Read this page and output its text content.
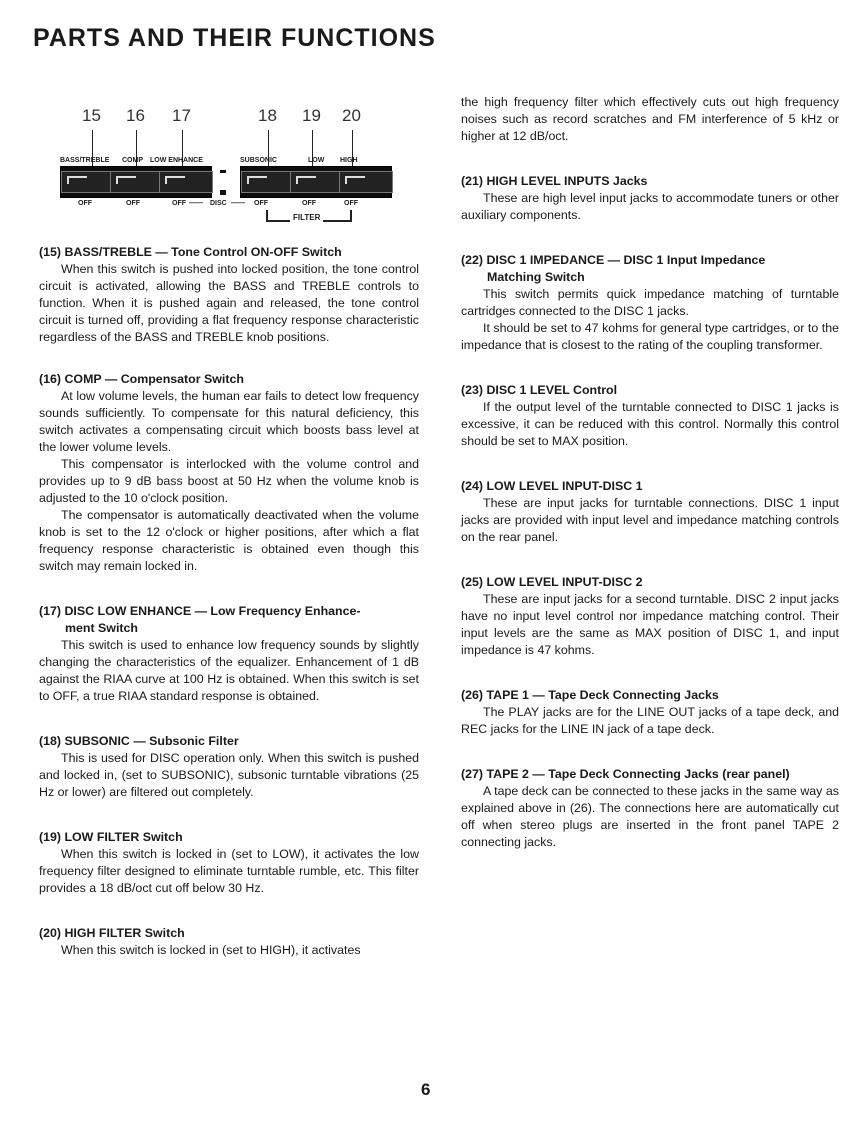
PARTS AND THEIR FUNCTIONS
15 16 17	18 19 20
BASS/TREBLE COMP LOW ENHANCE	SUBSONIC	LOW HIGH
OFF	OFF	OFF —— DISC —— OFF	OFF	OFF
FILTER
(15) BASS/TREBLE — Tone Control ON-OFF Switch

When this switch is pushed into locked position, the tone control circuit is activated, allowing the BASS and TREBLE controls to function. When it is pushed again and released, the tone control circuit is turned off, providing a flat frequency response characteristic regardless of the BASS and TREBLE knob positions.

(16) COMP — Compensator Switch

At low volume levels, the human ear fails to detect low frequency sounds sufficiently. To compensate for this natural deficiency, this switch activates a compensating circuit which boosts bass level at the lower volume levels.

This compensator is interlocked with the volume control and provides up to 9 dB bass boost at 50 Hz when the volume knob is adjusted to the 10 o'clock position.

The compensator is automatically deactivated when the volume knob is set to the 12 o'clock or higher positions, after which a flat frequency response characteristic is obtained even though this switch may remain locked in.

(17) DISC LOW ENHANCE — Low Frequency Enhance-
ment Switch

This switch is used to enhance low frequency sounds by slightly changing the characteristics of the equalizer. Enhancement of 1 dB against the RIAA curve at 100 Hz is obtained. When this switch is set to OFF, a true RIAA standard response is obtained.

(18) SUBSONIC — Subsonic Filter

This is used for DISC operation only. When this switch is pushed and locked in, (set to SUBSONIC), subsonic turntable vibrations (25 Hz or lower) are filtered out completely.

(19) LOW FILTER Switch

When this switch is locked in (set to LOW), it activates the low frequency filter designed to eliminate turntable rumble, etc. This filter provides a 18 dB/oct cut off below 30 Hz.

(20) HIGH FILTER Switch

When this switch is locked in (set to HIGH), it activates

the high frequency filter which effectively cuts out high frequency noises such as record scratches and FM interference of 5 kHz or higher at 12 dB/oct.

(21) HIGH LEVEL INPUTS Jacks

These are high level input jacks to accommodate tuners or other auxiliary components.

(22) DISC 1 IMPEDANCE — DISC 1 Input Impedance
Matching Switch

This switch permits quick impedance matching of turntable cartridges connected to the DISC 1 jacks.

It should be set to 47 kohms for general type cartridges, or to the impedance that is closest to the rating of the coupling transformer.

(23) DISC 1 LEVEL Control

If the output level of the turntable connected to DISC 1 jacks is excessive, it can be reduced with this control. Normally this control should be set to MAX position.

(24) LOW LEVEL INPUT-DISC 1

These are input jacks for turntable connections. DISC 1 input jacks are provided with input level and impedance matching controls on the rear panel.

(25) LOW LEVEL INPUT-DISC 2

These are input jacks for a second turntable. DISC 2 input jacks have no input level control nor impedance matching control. Their input levels are the same as MAX position of DISC 1, and input impedance is 47 kohms.

(26) TAPE 1 — Tape Deck Connecting Jacks

The PLAY jacks are for the LINE OUT jacks of a tape deck, and REC jacks for the LINE IN jack of a tape deck.

(27) TAPE 2 — Tape Deck Connecting Jacks (rear panel)

A tape deck can be connected to these jacks in the same way as explained above in (26). The connections here are automatically cut off when stereo plugs are inserted in the front panel TAPE 2 connecting jacks.

6
